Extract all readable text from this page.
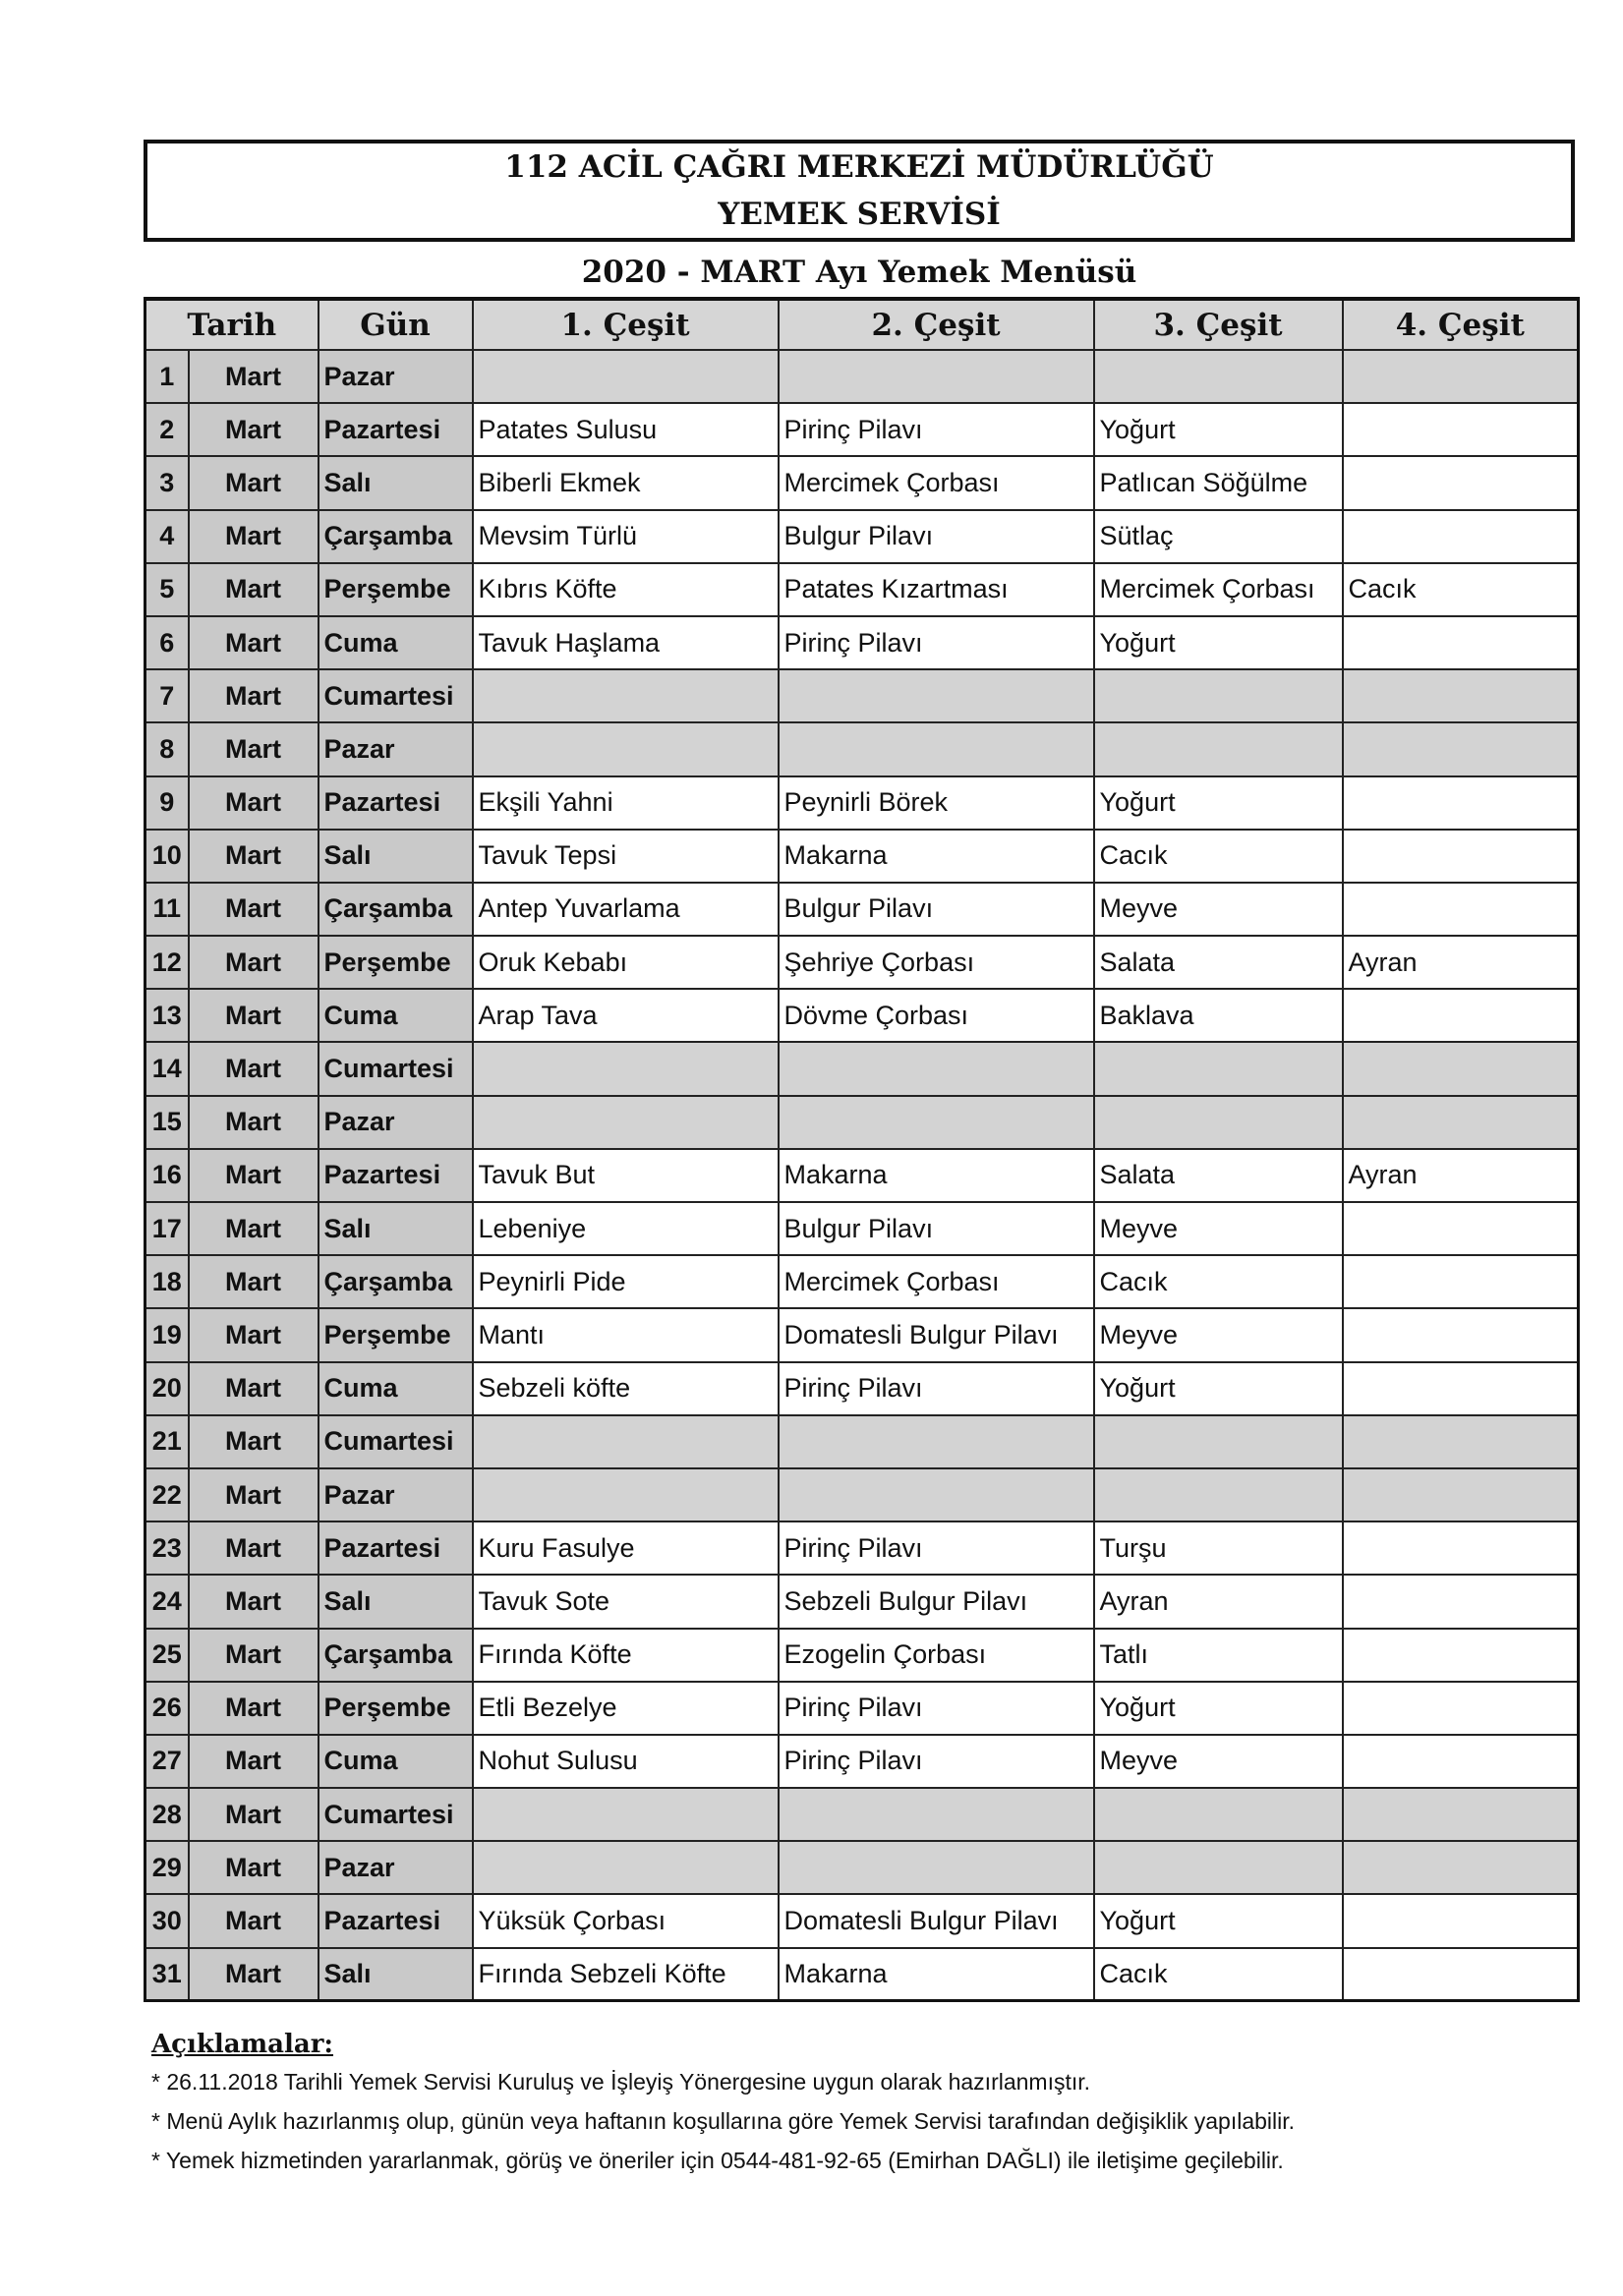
112 ACİL ÇAĞRI MERKEZİ MÜDÜRLÜĞÜ
YEMEK SERVİSİ
2020 - MART Ayı Yemek Menüsü
Tarih		Gün	1. Çeşit	2. Çeşit	3. Çeşit	4. Çeşit
1	Mart	Pazar				
2	Mart	Pazartesi	Patates Sulusu	Pirinç Pilavı	Yoğurt	
3	Mart	Salı	Biberli Ekmek	Mercimek Çorbası	Patlıcan Söğülme	
4	Mart	Çarşamba	Mevsim Türlü	Bulgur Pilavı	Sütlaç	
5	Mart	Perşembe	Kıbrıs Köfte	Patates Kızartması	Mercimek Çorbası	Cacık
6	Mart	Cuma	Tavuk Haşlama	Pirinç Pilavı	Yoğurt	
7	Mart	Cumartesi				
8	Mart	Pazar				
9	Mart	Pazartesi	Ekşili Yahni	Peynirli Börek	Yoğurt	
10	Mart	Salı	Tavuk Tepsi	Makarna	Cacık	
11	Mart	Çarşamba	Antep Yuvarlama	Bulgur Pilavı	Meyve	
12	Mart	Perşembe	Oruk Kebabı	Şehriye Çorbası	Salata	Ayran
13	Mart	Cuma	Arap Tava	Dövme Çorbası	Baklava	
14	Mart	Cumartesi				
15	Mart	Pazar				
16	Mart	Pazartesi	Tavuk But	Makarna	Salata	Ayran
17	Mart	Salı	Lebeniye	Bulgur Pilavı	Meyve	
18	Mart	Çarşamba	Peynirli Pide	Mercimek Çorbası	Cacık	
19	Mart	Perşembe	Mantı	Domatesli Bulgur Pilavı	Meyve	
20	Mart	Cuma	Sebzeli köfte	Pirinç Pilavı	Yoğurt	
21	Mart	Cumartesi				
22	Mart	Pazar				
23	Mart	Pazartesi	Kuru Fasulye	Pirinç Pilavı	Turşu	
24	Mart	Salı	Tavuk Sote	Sebzeli Bulgur Pilavı	Ayran	
25	Mart	Çarşamba	Fırında Köfte	Ezogelin Çorbası	Tatlı	
26	Mart	Perşembe	Etli Bezelye	Pirinç Pilavı	Yoğurt	
27	Mart	Cuma	Nohut Sulusu	Pirinç Pilavı	Meyve	
28	Mart	Cumartesi				
29	Mart	Pazar				
30	Mart	Pazartesi	Yüksük Çorbası	Domatesli Bulgur Pilavı	Yoğurt	
31	Mart	Salı	Fırında Sebzeli Köfte	Makarna	Cacık	
Açıklamalar:
* 26.11.2018 Tarihli Yemek Servisi Kuruluş ve İşleyiş Yönergesine uygun olarak hazırlanmıştır.
* Menü Aylık hazırlanmış olup, günün veya haftanın koşullarına göre Yemek Servisi tarafından değişiklik yapılabilir.
* Yemek hizmetinden yararlanmak, görüş ve öneriler için 0544-481-92-65 (Emirhan DAĞLI) ile iletişime geçilebilir.
